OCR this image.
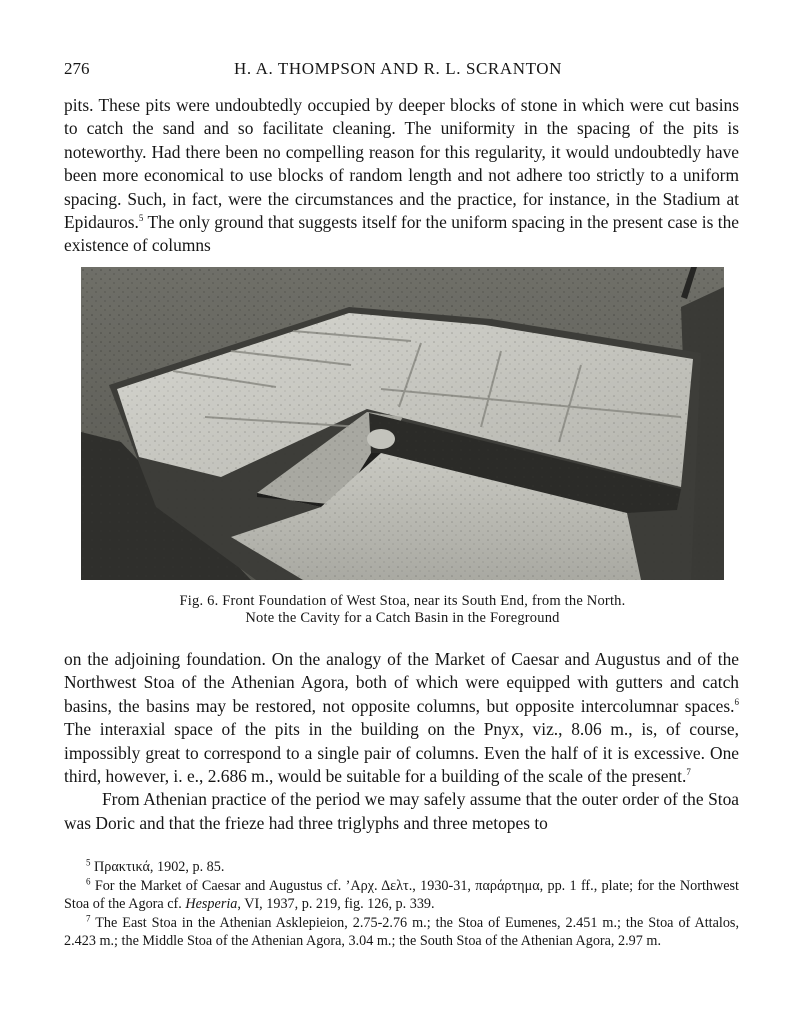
276	H. A. THOMPSON AND R. L. SCRANTON

pits. These pits were undoubtedly occupied by deeper blocks of stone in which were cut basins to catch the sand and so facilitate cleaning. The uniformity in the spacing of the pits is noteworthy. Had there been no compelling reason for this regularity, it would undoubtedly have been more economical to use blocks of random length and not adhere too strictly to a uniform spacing. Such, in fact, were the circumstances and the practice, for instance, in the Stadium at Epidauros.$^5$ The only ground that suggests itself for the uniform spacing in the present case is the existence of columns

Fig. 6. Front Foundation of West Stoa, near its South End, from the North.
Note the Cavity for a Catch Basin in the Foreground

on the adjoining foundation. On the analogy of the Market of Caesar and Augustus and of the Northwest Stoa of the Athenian Agora, both of which were equipped with gutters and catch basins, the basins may be restored, not opposite columns, but opposite intercolumnar spaces.$^6$ The interaxial space of the pits in the building on the Pnyx, viz., 8.06 m., is, of course, impossibly great to correspond to a single pair of columns. Even the half of it is excessive. One third, however, i. e., 2.686 m., would be suitable for a building of the scale of the present.$^7$
From Athenian practice of the period we may safely assume that the outer order of the Stoa was Doric and that the frieze had three triglyphs and three metopes to

$^5$ Πρακτικά, 1902, p. 85.

$^6$ For the Market of Caesar and Augustus cf. ’Αρχ. Δελτ., 1930-31, παράρτημα, pp. 1 ff., plate; for the Northwest Stoa of the Agora cf. Hesperia, VI, 1937, p. 219, fig. 126, p. 339.

$^7$ The East Stoa in the Athenian Asklepieion, 2.75-2.76 m.; the Stoa of Eumenes, 2.451 m.; the Stoa of Attalos, 2.423 m.; the Middle Stoa of the Athenian Agora, 3.04 m.; the South Stoa of the Athenian Agora, 2.97 m.
